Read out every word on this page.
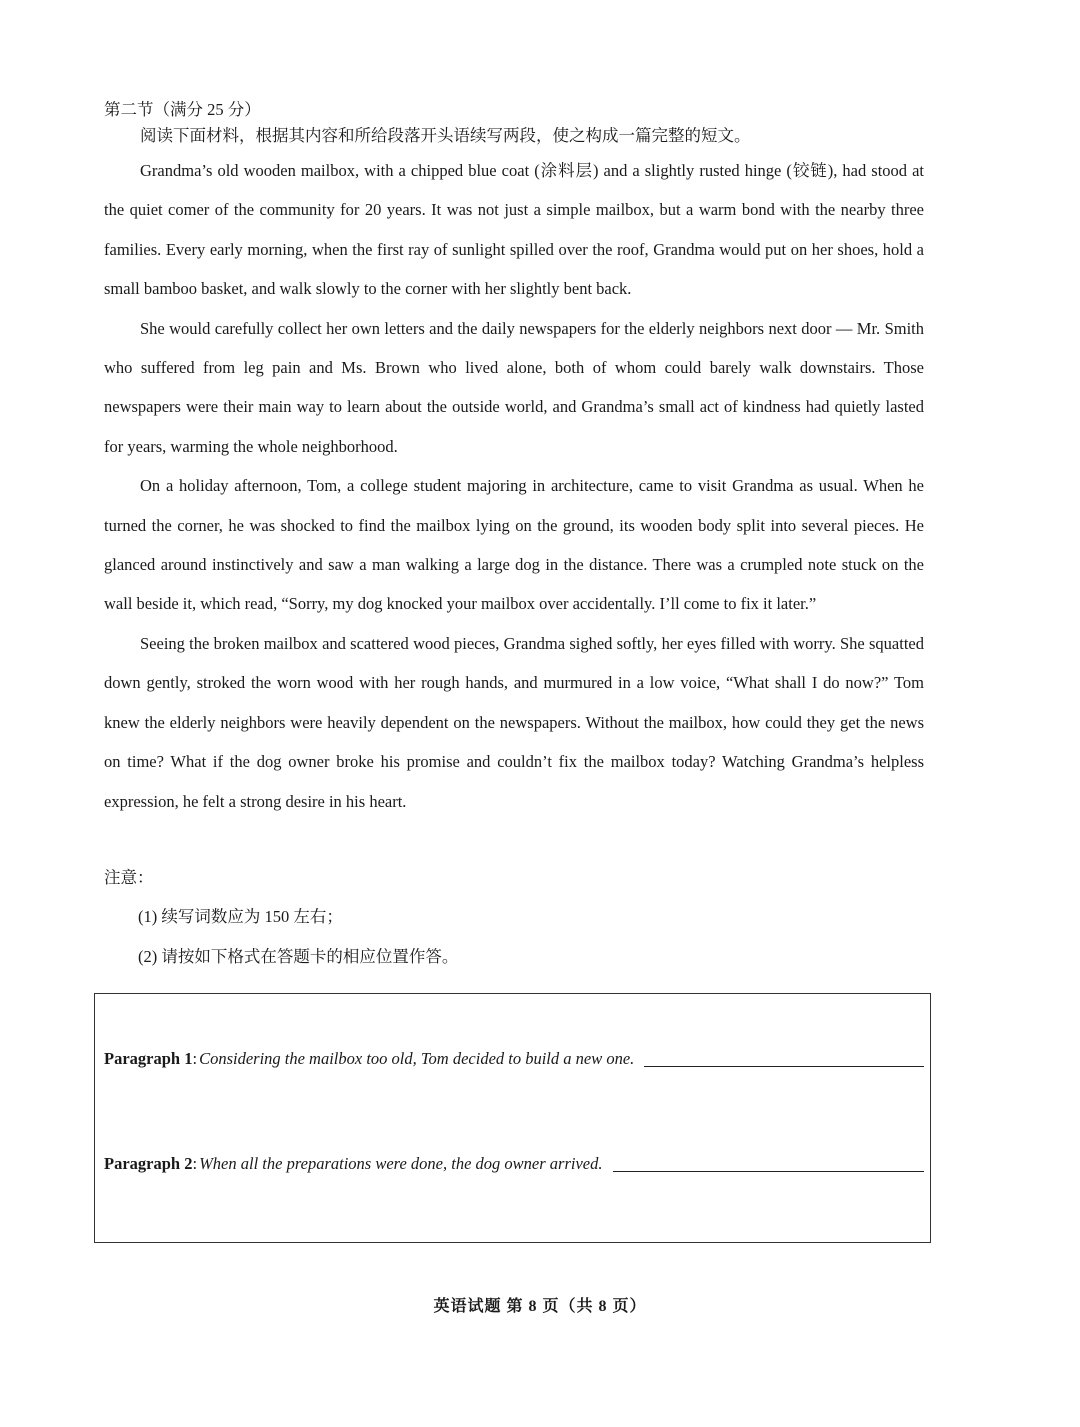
第二节（满分 25 分）
阅读下面材料，根据其内容和所给段落开头语续写两段，使之构成一篇完整的短文。

Grandma’s old wooden mailbox, with a chipped blue coat (涂料层) and a slightly rusted hinge (铰链), had stood at the quiet comer of the community for 20 years. It was not just a simple mailbox, but a warm bond with the nearby three families. Every early morning, when the first ray of sunlight spilled over the roof, Grandma would put on her shoes, hold a small bamboo basket, and walk slowly to the corner with her slightly bent back.

She would carefully collect her own letters and the daily newspapers for the elderly neighbors next door — Mr. Smith who suffered from leg pain and Ms. Brown who lived alone, both of whom could barely walk downstairs. Those newspapers were their main way to learn about the outside world, and Grandma’s small act of kindness had quietly lasted for years, warming the whole neighborhood.

On a holiday afternoon, Tom, a college student majoring in architecture, came to visit Grandma as usual. When he turned the corner, he was shocked to find the mailbox lying on the ground, its wooden body split into several pieces. He glanced around instinctively and saw a man walking a large dog in the distance. There was a crumpled note stuck on the wall beside it, which read, “Sorry, my dog knocked your mailbox over accidentally. I’ll come to fix it later.”

Seeing the broken mailbox and scattered wood pieces, Grandma sighed softly, her eyes filled with worry. She squatted down gently, stroked the worn wood with her rough hands, and murmured in a low voice, “What shall I do now?” Tom knew the elderly neighbors were heavily dependent on the newspapers. Without the mailbox, how could they get the news on time? What if the dog owner broke his promise and couldn’t fix the mailbox today? Watching Grandma’s helpless expression, he felt a strong desire in his heart.

注意：
(1) 续写词数应为 150 左右；
(2) 请按如下格式在答题卡的相应位置作答。
Paragraph 1 : Considering the mailbox too old, Tom decided to build a new one.
Paragraph 2 : When all the preparations were done, the dog owner arrived.
英语试题 第 8 页（共 8 页）
